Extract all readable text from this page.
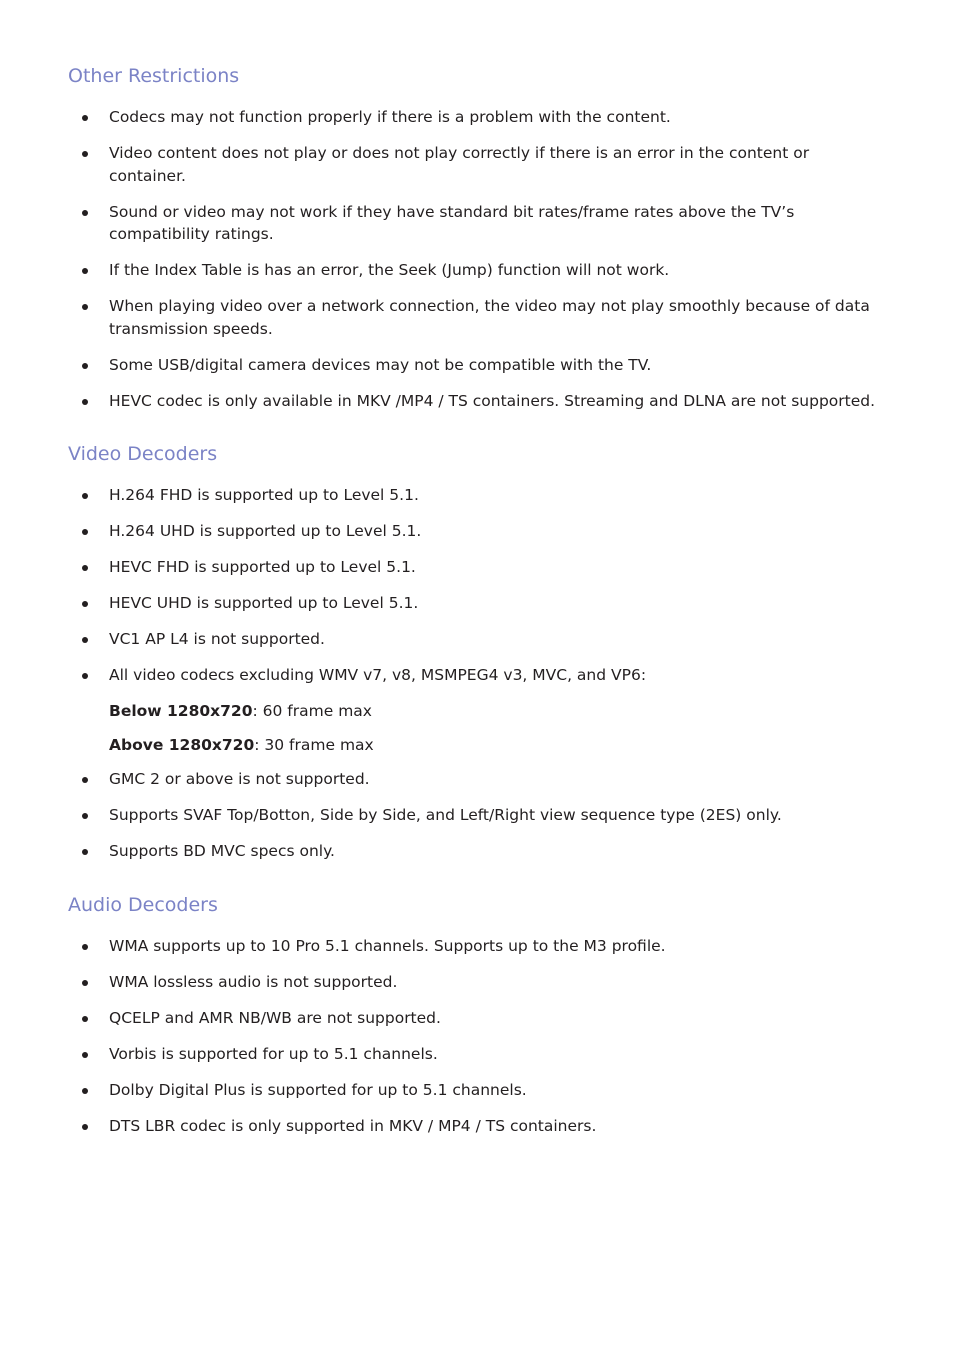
Other Restrictions
Codecs may not function properly if there is a problem with the content.
Video content does not play or does not play correctly if there is an error in the content or container.
Sound or video may not work if they have standard bit rates/frame rates above the TV’s compatibility ratings.
If the Index Table is has an error, the Seek (Jump) function will not work.
When playing video over a network connection, the video may not play smoothly because of data transmission speeds.
Some USB/digital camera devices may not be compatible with the TV.
HEVC codec is only available in MKV /MP4 / TS containers. Streaming and DLNA are not supported.
Video Decoders
H.264 FHD is supported up to Level 5.1.
H.264 UHD is supported up to Level 5.1.
HEVC FHD is supported up to Level 5.1.
HEVC UHD is supported up to Level 5.1.
VC1 AP L4 is not supported.
All video codecs excluding WMV v7, v8, MSMPEG4 v3, MVC, and VP6:
Below 1280x720: 60 frame max
Above 1280x720: 30 frame max
GMC 2 or above is not supported.
Supports SVAF Top/Botton, Side by Side, and Left/Right view sequence type (2ES) only.
Supports BD MVC specs only.
Audio Decoders
WMA supports up to 10 Pro 5.1 channels. Supports up to the M3 profile.
WMA lossless audio is not supported.
QCELP and AMR NB/WB are not supported.
Vorbis is supported for up to 5.1 channels.
Dolby Digital Plus is supported for up to 5.1 channels.
DTS LBR codec is only supported in MKV / MP4 / TS containers.
